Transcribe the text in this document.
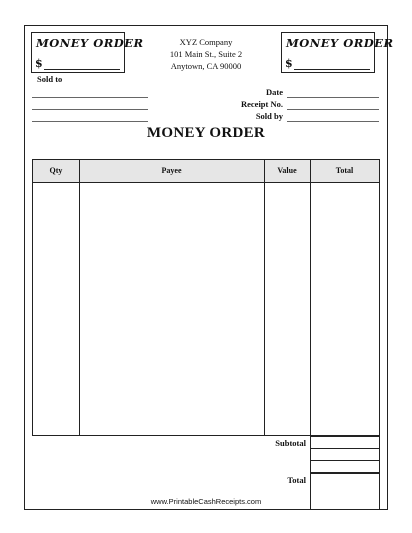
MONEY ORDER
$
XYZ Company
101 Main St., Suite 2
Anytown, CA 90000
MONEY ORDER
$
Sold to
Date
Receipt No.
Sold by
MONEY ORDER
Qty	Payee	Value	Total
Subtotal
Total
www.PrintableCashReceipts.com
